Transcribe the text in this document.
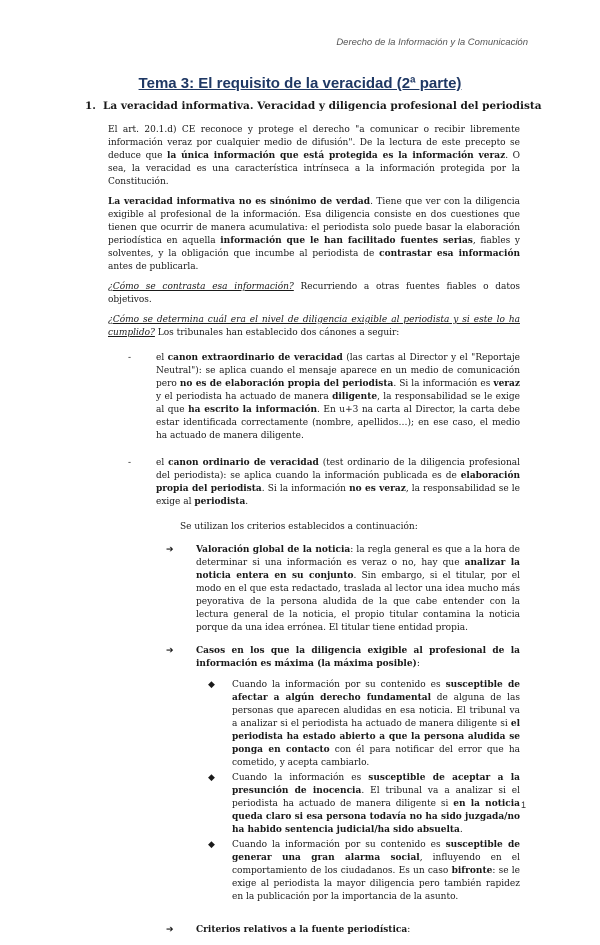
Derecho de la Información y la Comunicación
Tema 3: El requisito de la veracidad (2ª parte)
1. La veracidad informativa. Veracidad y diligencia profesional del periodista

El art. 20.1.d) CE reconoce y protege el derecho "a comunicar o recibir libremente información veraz por cualquier medio de difusión". De la lectura de este precepto se deduce que la única información que está protegida es la información veraz. O sea, la veracidad es una característica intrínseca a la información protegida por la Constitución.

La veracidad informativa no es sinónimo de verdad. Tiene que ver con la diligencia exigible al profesional de la información. Esa diligencia consiste en dos cuestiones que tienen que ocurrir de manera acumulativa: el periodista solo puede basar la elaboración periodística en aquella información que le han facilitado fuentes serias, fiables y solventes, y la obligación que incumbe al periodista de contrastar esa información antes de publicarla.

¿Cómo se contrasta esa información? Recurriendo a otras fuentes fiables o datos objetivos.

¿Cómo se determina cuál era el nivel de diligencia exigible al periodista y si este lo ha cumplido? Los tribunales han establecido dos cánones a seguir:

-	el canon extraordinario de veracidad (las cartas al Director y el "Reportaje Neutral"): se aplica cuando el mensaje aparece en un medio de comunicación pero no es de elaboración propia del periodista. Si la información es veraz y el periodista ha actuado de manera diligente, la responsabilidad se le exige al que ha escrito la información. En u+3 na carta al Director, la carta debe estar identificada correctamente (nombre, apellidos…); en ese caso, el medio ha actuado de manera diligente.
-	el canon ordinario de veracidad (test ordinario de la diligencia profesional del periodista): se aplica cuando la información publicada es de elaboración propia del periodista. Si la información no es veraz, la responsabilidad se le exige al periodista.

Se utilizan los criterios establecidos a continuación:

➔ Valoración global de la noticia: la regla general es que a la hora de determinar si una información es veraz o no, hay que analizar la noticia entera en su conjunto. Sin embargo, si el titular, por el modo en el que esta redactado, traslada al lector una idea mucho más peyorativa de la persona aludida de la que cabe entender con la lectura general de la noticia, el propio titular contamina la noticia porque da una idea errónea. El titular tiene entidad propia.
➔ Casos en los que la diligencia exigible al profesional de la información es máxima (la máxima posible):
◆ Cuando la información por su contenido es susceptible de afectar a algún derecho fundamental de alguna de las personas que aparecen aludidas en esa noticia. El tribunal va a analizar si el periodista ha actuado de manera diligente si el periodista ha estado abierto a que la persona aludida se ponga en contacto con él para notificar del error que ha cometido, y acepta cambiarlo.
◆ Cuando la información es susceptible de aceptar a la presunción de inocencia. El tribunal va a analizar si el periodista ha actuado de manera diligente si en la noticia queda claro si esa persona todavía no ha sido juzgada/no ha habido sentencia judicial/ha sido absuelta.
◆ Cuando la información por su contenido es susceptible de generar una gran alarma social, influyendo en el comportamiento de los ciudadanos. Es un caso bifronte: se le exige al periodista la mayor diligencia pero también rapidez en la publicación por la importancia de la asunto.
➔ Criterios relativos a la fuente periodística:
1
